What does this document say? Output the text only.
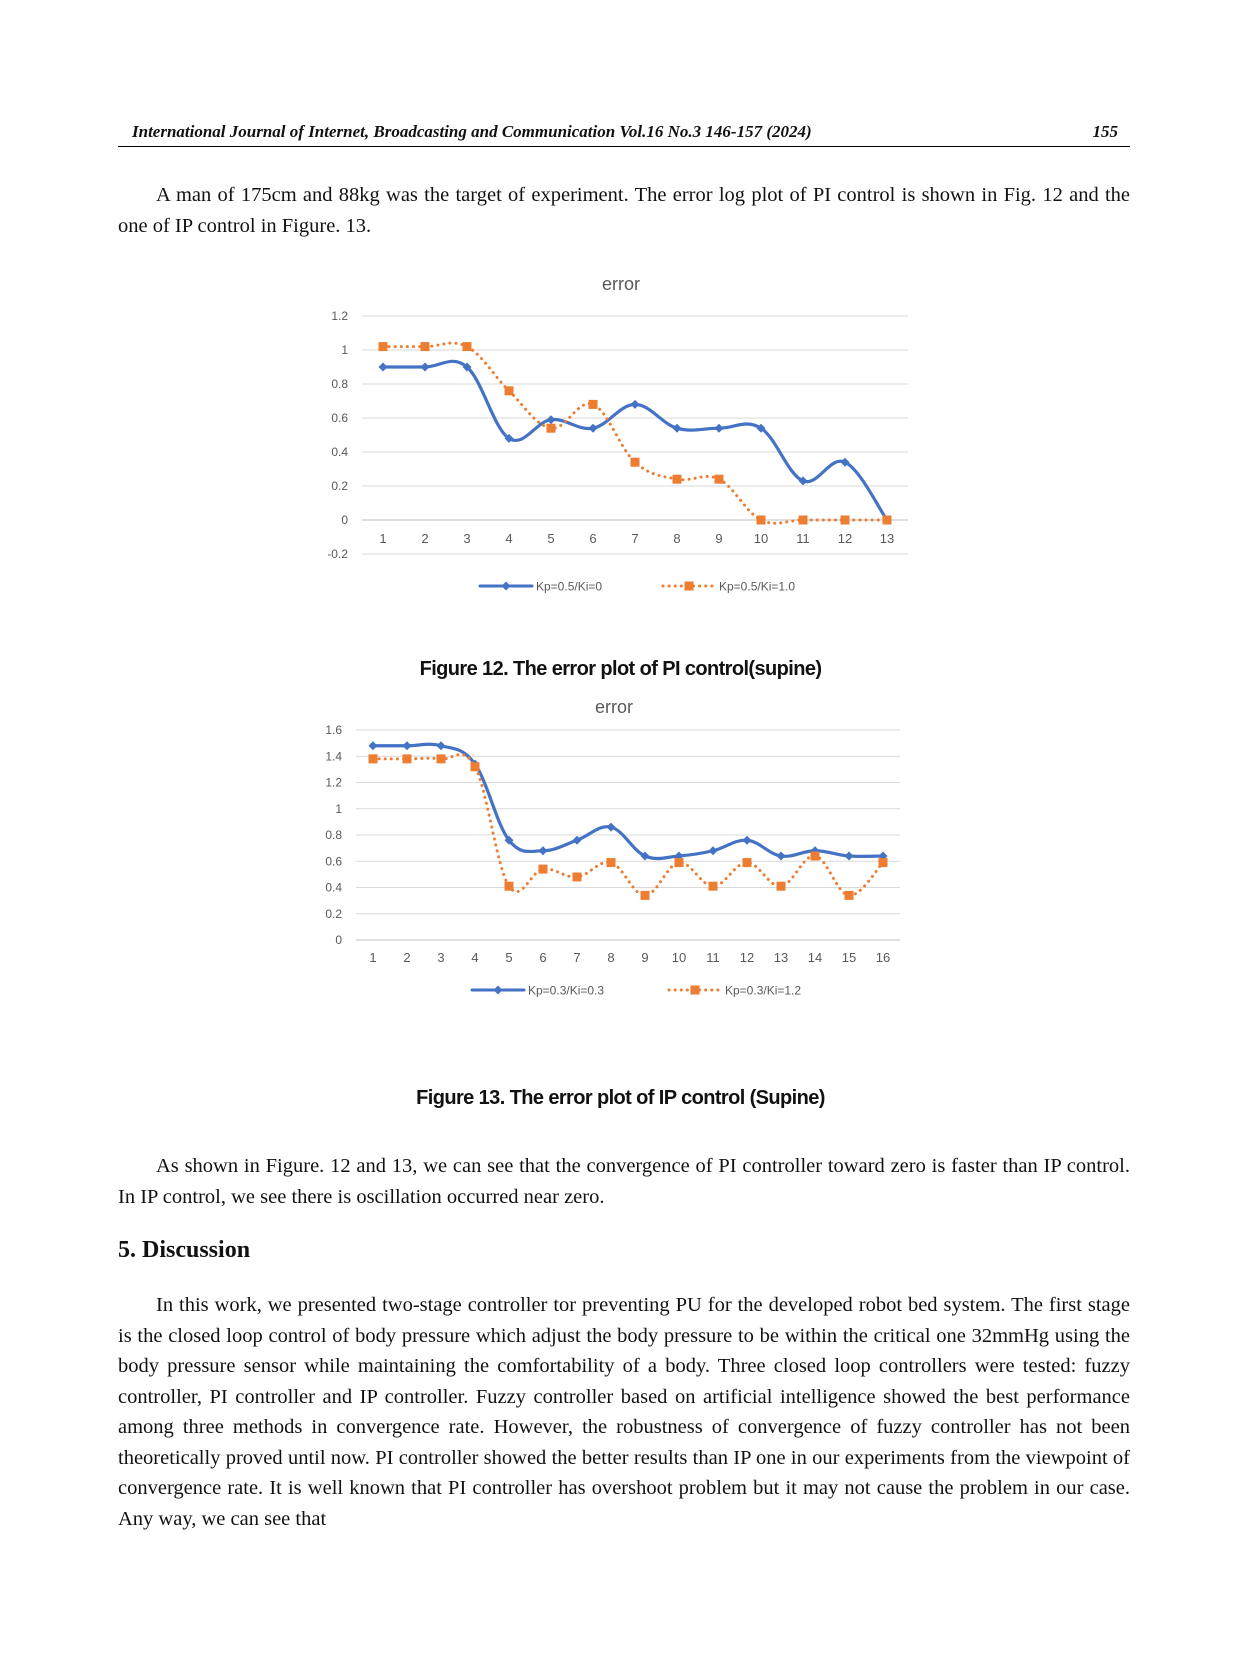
International Journal of Internet, Broadcasting and Communication Vol.16 No.3 146-157 (2024)	155

A man of 175cm and 88kg was the target of experiment. The error log plot of PI control is shown in Fig. 12 and the one of IP control in Figure. 13.

error
-0.2
0
0.2
0.4
0.6
0.8
1
1.2
1	2	3	4	5	6	7	8	9 10 11 12 13
Kp=0.5/Ki=0	Kp=0.5/Ki=1.0
Figure 12. The error plot of PI control(supine)
error
0
0.2
0.4
0.6
0.8
1
1.2
1.4
1.6
1 2 3 4 5 6 7 8 9 10 11 12 13 14 15 16
Kp=0.3/Ki=0.3	Kp=0.3/Ki=1.2
Figure 13. The error plot of IP control (Supine)

As shown in Figure. 12 and 13, we can see that the convergence of PI controller toward zero is faster than IP control. In IP control, we see there is oscillation occurred near zero.

5. Discussion

In this work, we presented two-stage controller tor preventing PU for the developed robot bed system. The first stage is the closed loop control of body pressure which adjust the body pressure to be within the critical one 32mmHg using the body pressure sensor while maintaining the comfortability of a body. Three closed loop controllers were tested: fuzzy controller, PI controller and IP controller. Fuzzy controller based on artificial intelligence showed the best performance among three methods in convergence rate. However, the robustness of convergence of fuzzy controller has not been theoretically proved until now. PI controller showed the better results than IP one in our experiments from the viewpoint of convergence rate. It is well known that PI controller has overshoot problem but it may not cause the problem in our case. Any way, we can see that
